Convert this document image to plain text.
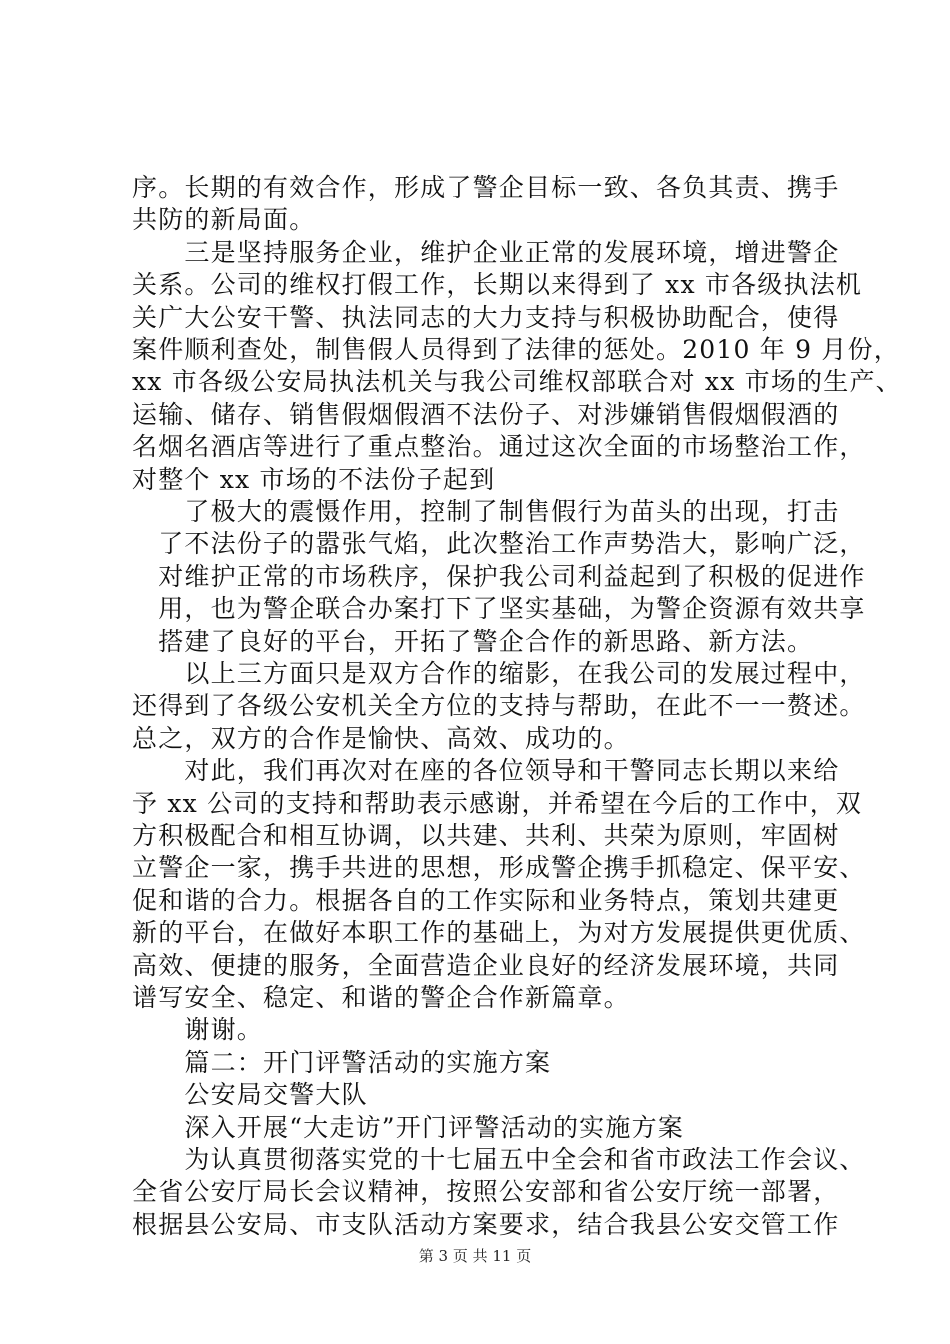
序。长期的有效合作，形成了警企目标一致、各负其责、携手
共防的新局面。
　　三是坚持服务企业，维护企业正常的发展环境，增进警企
关系。公司的维权打假工作，长期以来得到了 xx 市各级执法机
关广大公安干警、执法同志的大力支持与积极协助配合，使得
案件顺利查处，制售假人员得到了法律的惩处。2010 年 9 月份，
xx 市各级公安局执法机关与我公司维权部联合对 xx 市场的生产、
运输、储存、销售假烟假酒不法份子、对涉嫌销售假烟假酒的
名烟名酒店等进行了重点整治。通过这次全面的市场整治工作，
对整个 xx 市场的不法份子起到
　　了极大的震慑作用，控制了制售假行为苗头的出现，打击
　了不法份子的嚣张气焰，此次整治工作声势浩大，影响广泛，
　对维护正常的市场秩序，保护我公司利益起到了积极的促进作
　用，也为警企联合办案打下了坚实基础，为警企资源有效共享
　搭建了良好的平台，开拓了警企合作的新思路、新方法。
　　以上三方面只是双方合作的缩影，在我公司的发展过程中，
还得到了各级公安机关全方位的支持与帮助，在此不一一赘述。
总之，双方的合作是愉快、高效、成功的。
　　对此，我们再次对在座的各位领导和干警同志长期以来给
予 xx 公司的支持和帮助表示感谢，并希望在今后的工作中，双
方积极配合和相互协调，以共建、共利、共荣为原则，牢固树
立警企一家，携手共进的思想，形成警企携手抓稳定、保平安、
促和谐的合力。根据各自的工作实际和业务特点，策划共建更
新的平台，在做好本职工作的基础上，为对方发展提供更优质、
高效、便捷的服务，全面营造企业良好的经济发展环境，共同
谱写安全、稳定、和谐的警企合作新篇章。
　　谢谢。
　　篇二：开门评警活动的实施方案
　　公安局交警大队
　　深入开展“大走访”开门评警活动的实施方案
　　为认真贯彻落实党的十七届五中全会和省市政法工作会议、
全省公安厅局长会议精神，按照公安部和省公安厅统一部署，
根据县公安局、市支队活动方案要求，结合我县公安交管工作
第 3 页 共 11 页
